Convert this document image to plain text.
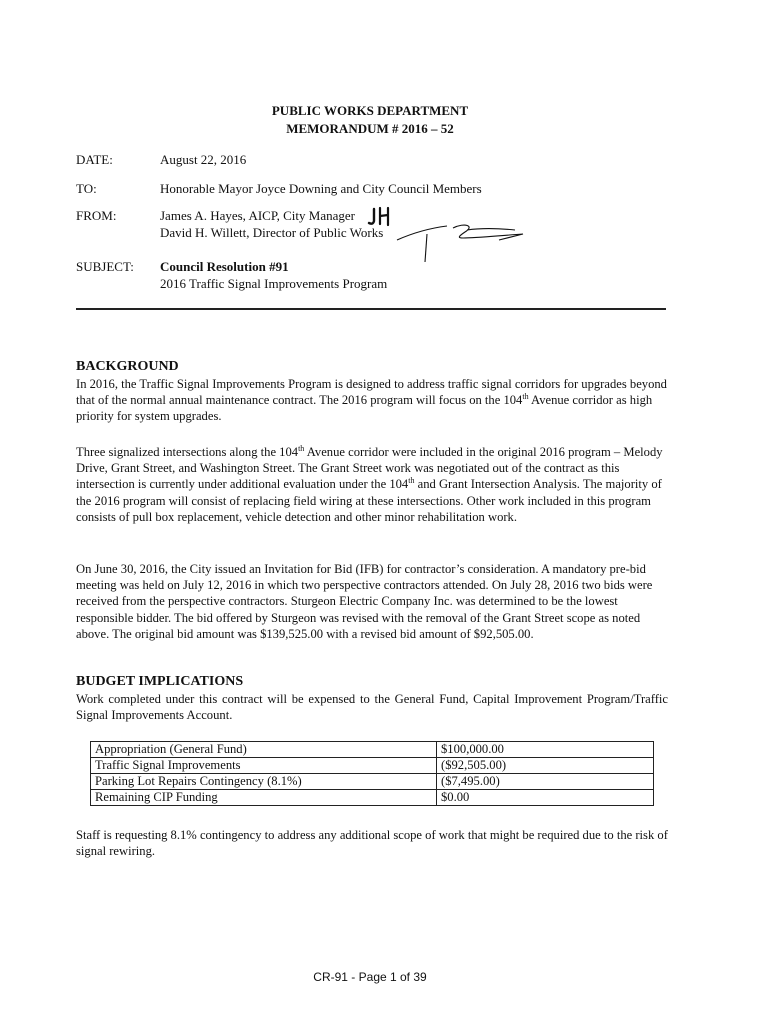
PUBLIC WORKS DEPARTMENT
MEMORANDUM # 2016 – 52
DATE:	August 22, 2016
TO:	Honorable Mayor Joyce Downing and City Council Members
FROM:	James A. Hayes, AICP, City Manager
David H. Willett, Director of Public Works
SUBJECT: Council Resolution #91
2016 Traffic Signal Improvements Program
BACKGROUND

In 2016, the Traffic Signal Improvements Program is designed to address traffic signal corridors for upgrades beyond that of the normal annual maintenance contract. The 2016 program will focus on the 104th Avenue corridor as high priority for system upgrades.

Three signalized intersections along the 104th Avenue corridor were included in the original 2016 program – Melody Drive, Grant Street, and Washington Street. The Grant Street work was negotiated out of the contract as this intersection is currently under additional evaluation under the 104th and Grant Intersection Analysis. The majority of the 2016 program will consist of replacing field wiring at these intersections. Other work included in this program consists of pull box replacement, vehicle detection and other minor rehabilitation work.

On June 30, 2016, the City issued an Invitation for Bid (IFB) for contractor’s consideration. A mandatory pre-bid meeting was held on July 12, 2016 in which two perspective contractors attended. On July 28, 2016 two bids were received from the perspective contractors. Sturgeon Electric Company Inc. was determined to be the lowest responsible bidder. The bid offered by Sturgeon was revised with the removal of the Grant Street scope as noted above. The original bid amount was $139,525.00 with a revised bid amount of $92,505.00.

BUDGET IMPLICATIONS

Work completed under this contract will be expensed to the General Fund, Capital Improvement Program/Traffic Signal Improvements Account.

Appropriation (General Fund)	$100,000.00
Traffic Signal Improvements	($92,505.00)
Parking Lot Repairs Contingency (8.1%)	($7,495.00)
Remaining CIP Funding	$0.00

Staff is requesting 8.1% contingency to address any additional scope of work that might be required due to the risk of signal rewiring.

CR-91 - Page 1 of 39
